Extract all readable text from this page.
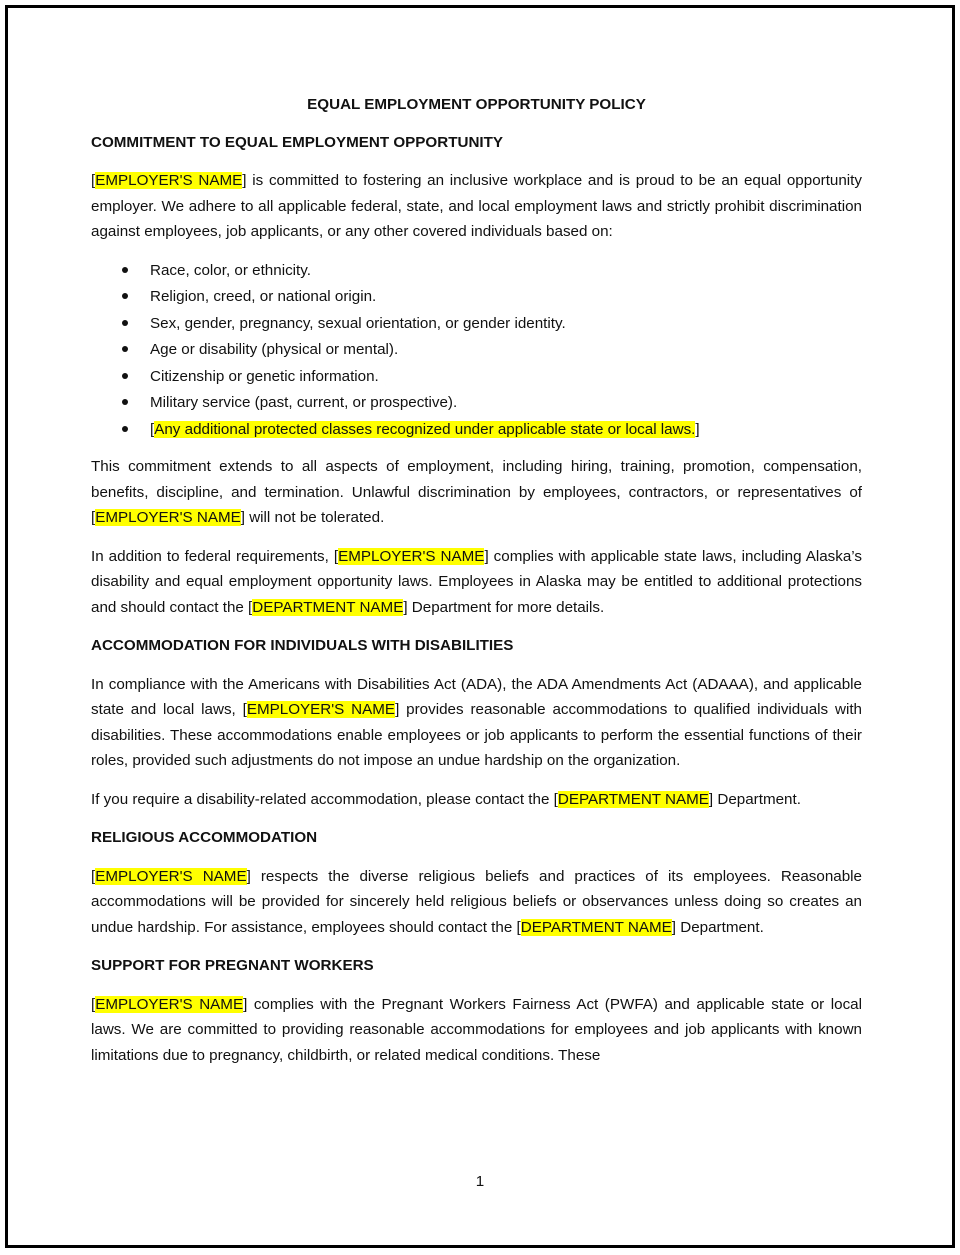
EQUAL EMPLOYMENT OPPORTUNITY POLICY
COMMITMENT TO EQUAL EMPLOYMENT OPPORTUNITY

[EMPLOYER'S NAME] is committed to fostering an inclusive workplace and is proud to be an equal opportunity employer. We adhere to all applicable federal, state, and local employment laws and strictly prohibit discrimination against employees, job applicants, or any other covered individuals based on:

Race, color, or ethnicity.
Religion, creed, or national origin.
Sex, gender, pregnancy, sexual orientation, or gender identity.
Age or disability (physical or mental).
Citizenship or genetic information.
Military service (past, current, or prospective).
[Any additional protected classes recognized under applicable state or local laws.]

This commitment extends to all aspects of employment, including hiring, training, promotion, compensation, benefits, discipline, and termination. Unlawful discrimination by employees, contractors, or representatives of [EMPLOYER'S NAME] will not be tolerated.

In addition to federal requirements, [EMPLOYER'S NAME] complies with applicable state laws, including Alaska’s disability and equal employment opportunity laws. Employees in Alaska may be entitled to additional protections and should contact the [DEPARTMENT NAME] Department for more details.

ACCOMMODATION FOR INDIVIDUALS WITH DISABILITIES

In compliance with the Americans with Disabilities Act (ADA), the ADA Amendments Act (ADAAA), and applicable state and local laws, [EMPLOYER'S NAME] provides reasonable accommodations to qualified individuals with disabilities. These accommodations enable employees or job applicants to perform the essential functions of their roles, provided such adjustments do not impose an undue hardship on the organization.

If you require a disability-related accommodation, please contact the [DEPARTMENT NAME] Department.

RELIGIOUS ACCOMMODATION

[EMPLOYER'S NAME] respects the diverse religious beliefs and practices of its employees. Reasonable accommodations will be provided for sincerely held religious beliefs or observances unless doing so creates an undue hardship. For assistance, employees should contact the [DEPARTMENT NAME] Department.

SUPPORT FOR PREGNANT WORKERS

[EMPLOYER'S NAME] complies with the Pregnant Workers Fairness Act (PWFA) and applicable state or local laws. We are committed to providing reasonable accommodations for employees and job applicants with known limitations due to pregnancy, childbirth, or related medical conditions. These

1
